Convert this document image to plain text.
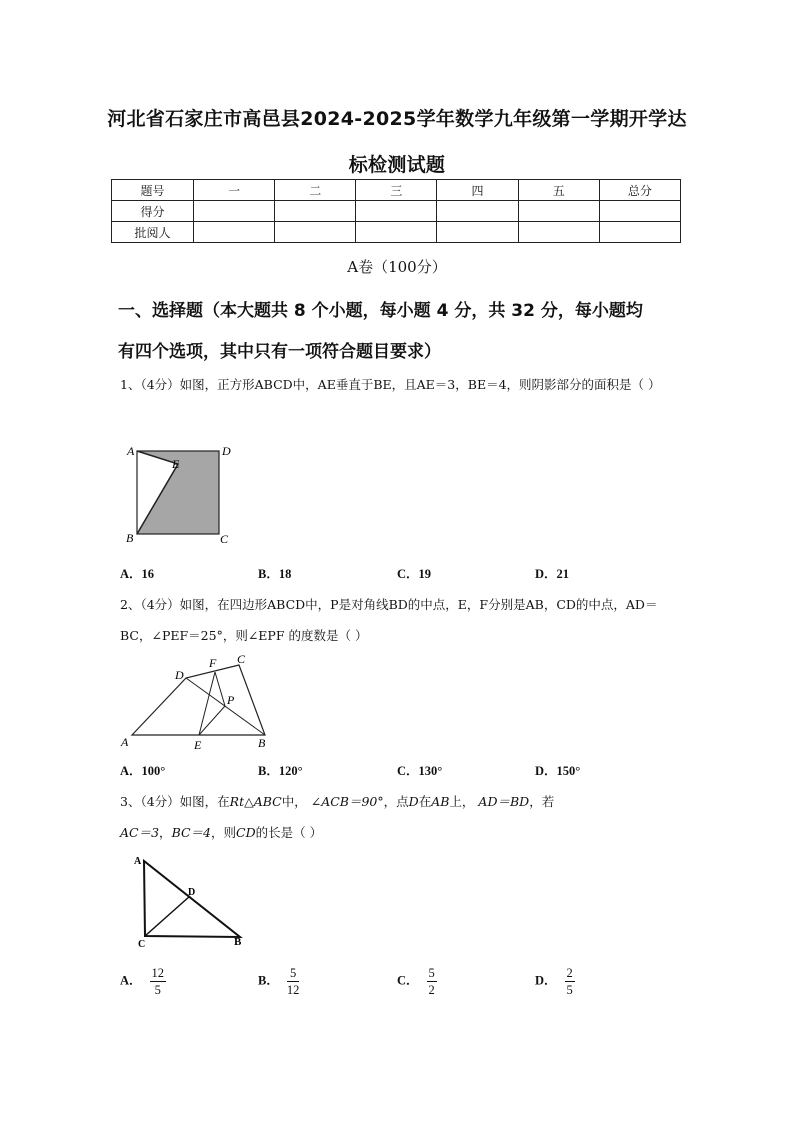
河北省石家庄市高邑县2024-2025学年数学九年级第一学期开学达
标检测试题
题号	一	二	三	四	五	总分
得分						
批阅人						
A卷（100分）
一、选择题（本大题共 8 个小题，每小题 4 分，共 32 分，每小题均
有四个选项，其中只有一项符合题目要求）
1、（4分）如图，正方形ABCD中，AE垂直于BE，且AE＝3，BE＝4，则阴影部分的面积是（ ）
A	D
E
B	C
A．16	B．18	C．19	D．21
2、（4分）如图，在四边形ABCD中，P是对角线BD的中点，E，F分别是AB，CD的中点，AD＝BC，∠PEF＝25°，则∠EPF 的度数是（ ）
A
D
F C
P
E	B
A．100°	B．120°	C．130°	D．150°
3、（4分）如图，在Rt△ABC中， ∠ACB＝90°，点D在AB上， AD＝BD，若
AC＝3，BC＝4，则CD的长是（ ）
A
D
C	B
A． $\frac{12}{5}$	B． $\frac{5}{12}$	C． $\frac{5}{2}$	D． $\frac{2}{5}$
